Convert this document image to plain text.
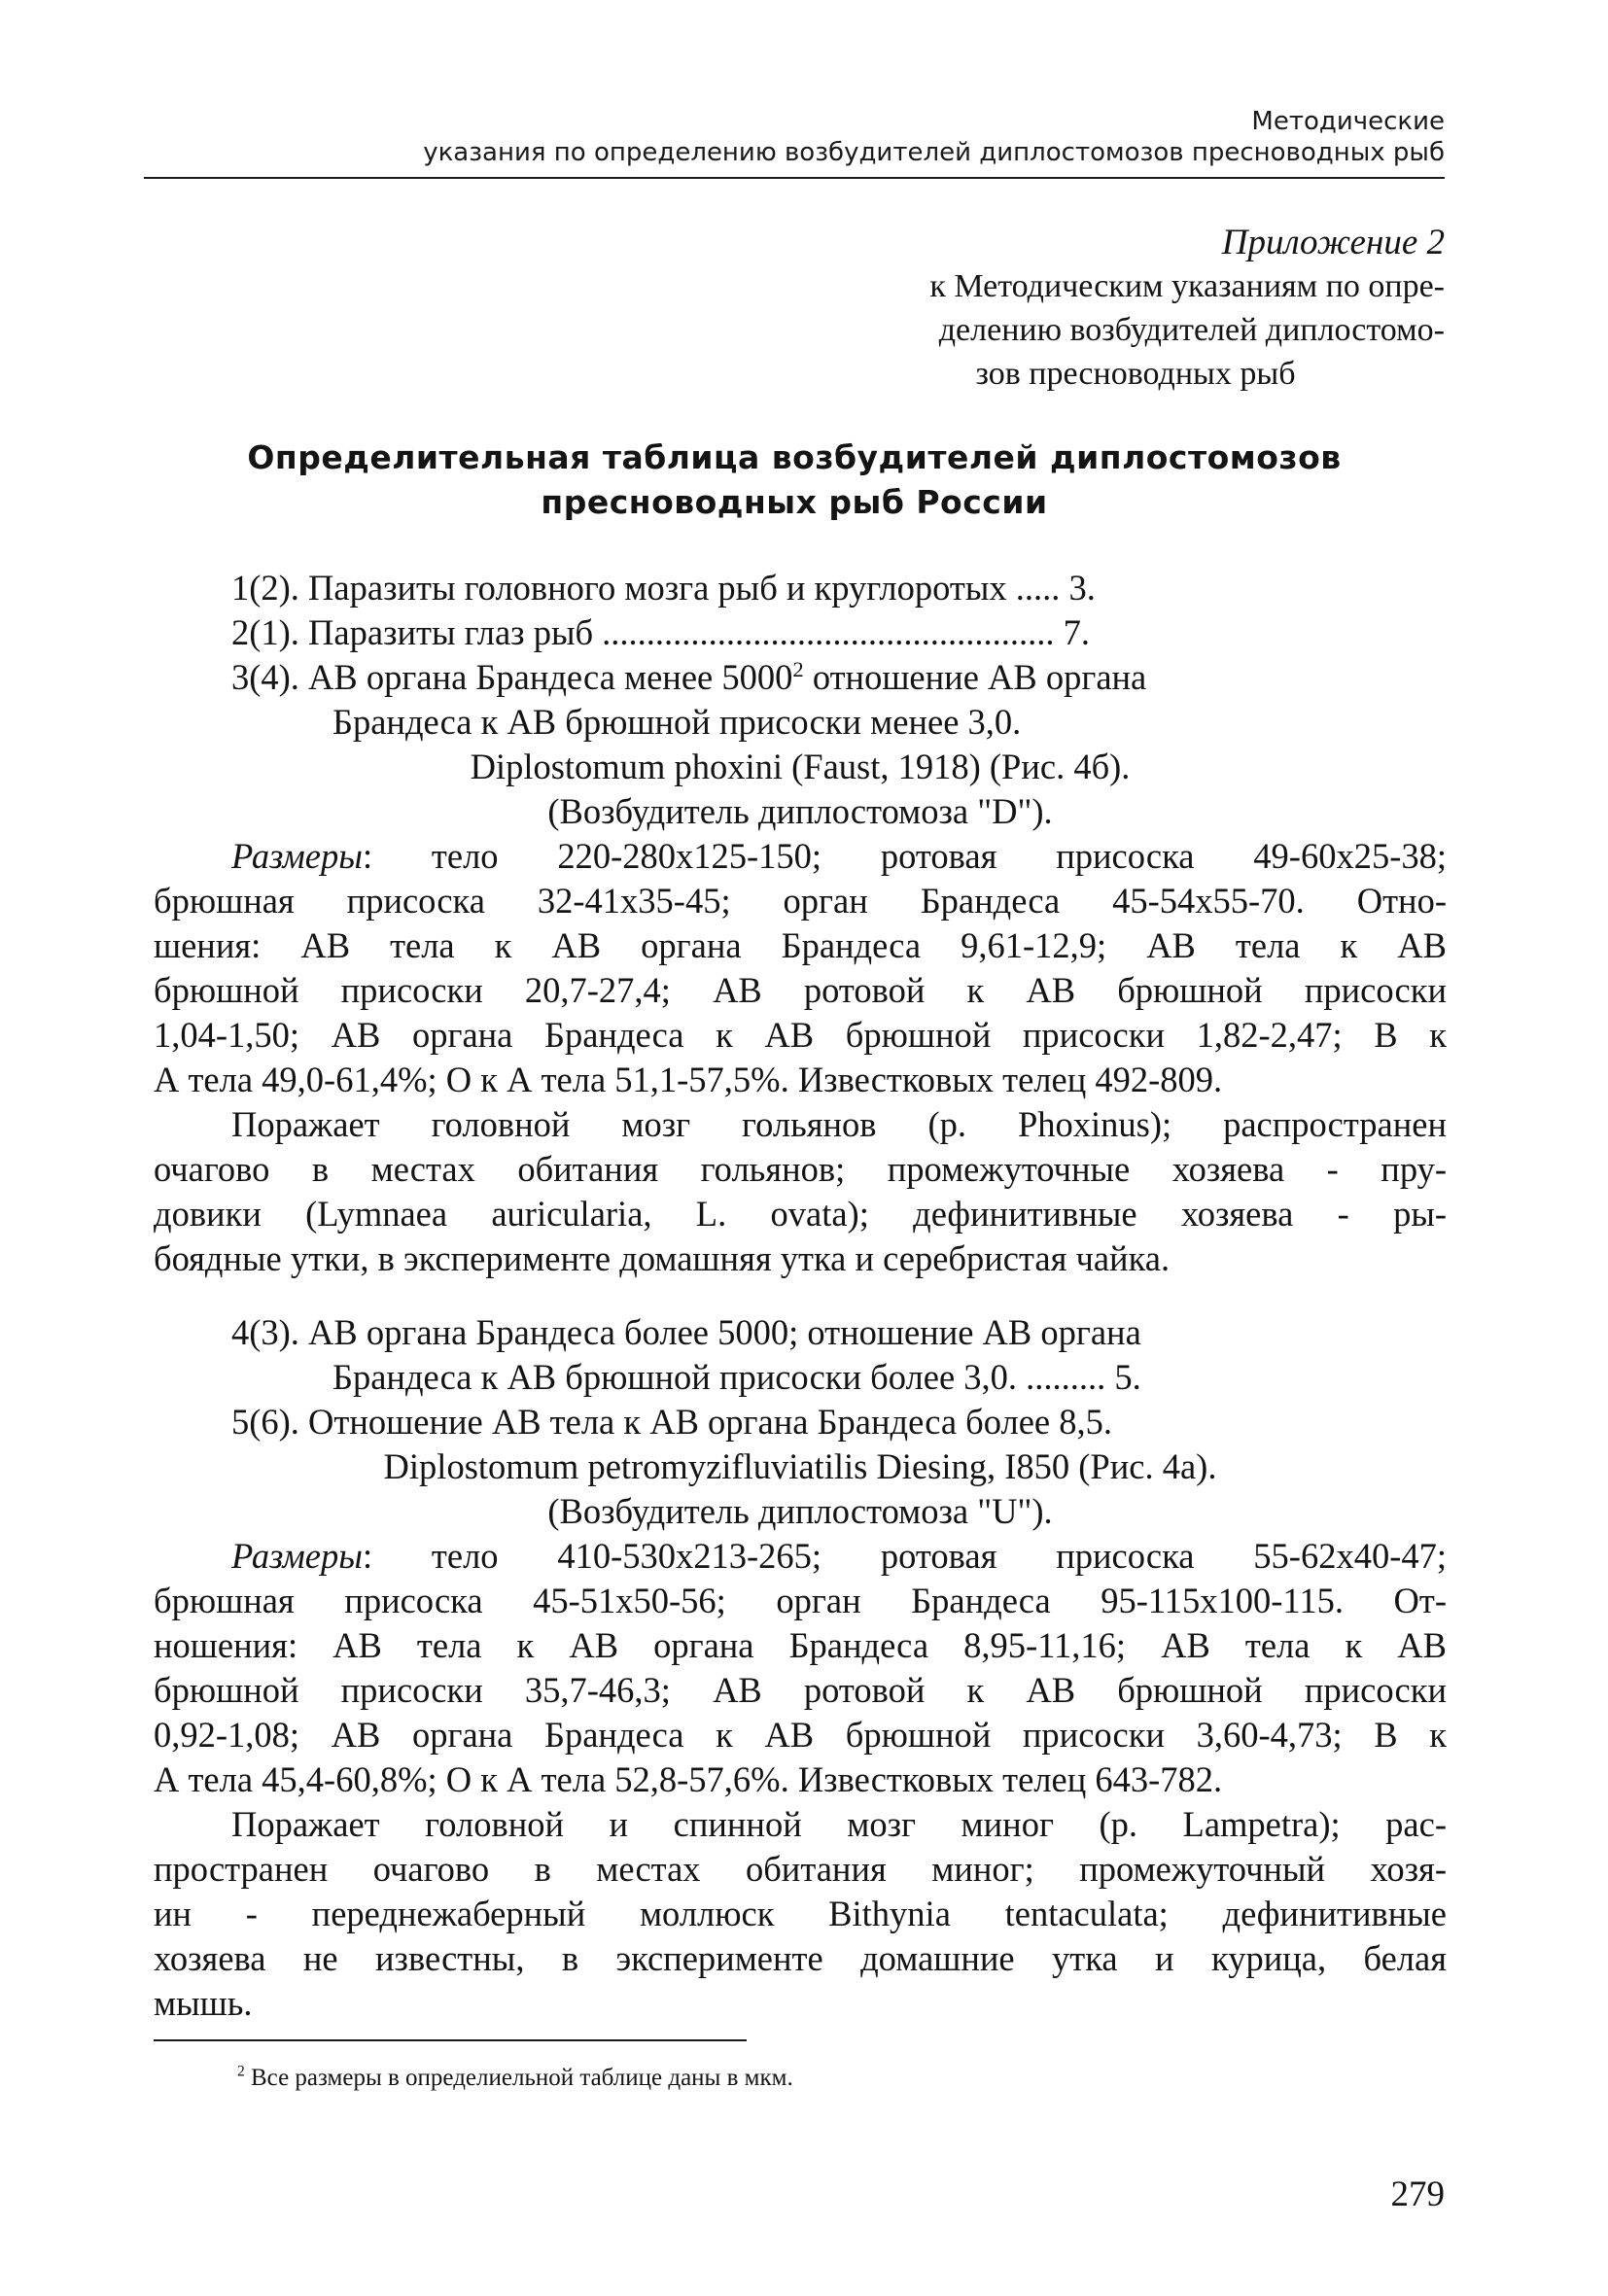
Методические
указания по определению возбудителей диплостомозов пресноводных рыб
Приложение 2
к Методическим указаниям по опре-
делению возбудителей диплостомо-
зов пресноводных рыб
Определительная таблица возбудителей диплостомозов
пресноводных рыб России
1(2). Паразиты головного мозга рыб и круглоротых ..... 3.
2(1). Паразиты глаз рыб ................................................... 7.
3(4). АВ органа Брандеса менее 5000$^2$ отношение АВ органа
Брандеса к АВ брюшной присоски менее 3,0.
Diplostomum phoxini (Faust, 1918) (Рис. 4б).
(Возбудитель диплостомоза "D").
Размеры: тело 220-280х125-150; ротовая присоска 49-60х25-38;
брюшная присоска 32-41х35-45; орган Брандеса 45-54х55-70. Отно-
шения: АВ тела к АВ органа Брандеса 9,61-12,9; АВ тела к АВ
брюшной присоски 20,7-27,4; АВ ротовой к АВ брюшной присоски
1,04-1,50; АВ органа Брандеса к АВ брюшной присоски 1,82-2,47; В к
А тела 49,0-61,4%; О к А тела 51,1-57,5%. Известковых телец 492-809.
Поражает головной мозг гольянов (р. Phoxinus); распространен
очагово в местах обитания гольянов; промежуточные хозяева - пру-
довики (Lymnaea auricularia, L. ovata); дефинитивные хозяева - ры-
боядные утки, в эксперименте домашняя утка и серебристая чайка.
4(3). АВ органа Брандеса более 5000; отношение АВ органа
Брандеса к АВ брюшной присоски более 3,0. ......... 5.
5(6). Отношение АВ тела к АВ органа Брандеса более 8,5.
Diplostomum petromyzifluviatilis Diesing, I850 (Рис. 4а).
(Возбудитель диплостомоза "U").
Размеры: тело 410-530х213-265; ротовая присоска 55-62х40-47;
брюшная присоска 45-51х50-56; орган Брандеса 95-115х100-115. От-
ношения: АВ тела к АВ органа Брандеса 8,95-11,16; АВ тела к АВ
брюшной присоски 35,7-46,3; АВ ротовой к АВ брюшной присоски
0,92-1,08; АВ органа Брандеса к АВ брюшной присоски 3,60-4,73; В к
А тела 45,4-60,8%; О к А тела 52,8-57,6%. Известковых телец 643-782.
Поражает головной и спинной мозг миног (р. Lampetra); рас-
пространен очагово в местах обитания миног; промежуточный хозя-
ин - переднежаберный моллюск Bithynia tentaculata; дефинитивные
хозяева не известны, в эксперименте домашние утка и курица, белая
мышь.
$^2$ Все размеры в определиельной таблице даны в мкм.
279
